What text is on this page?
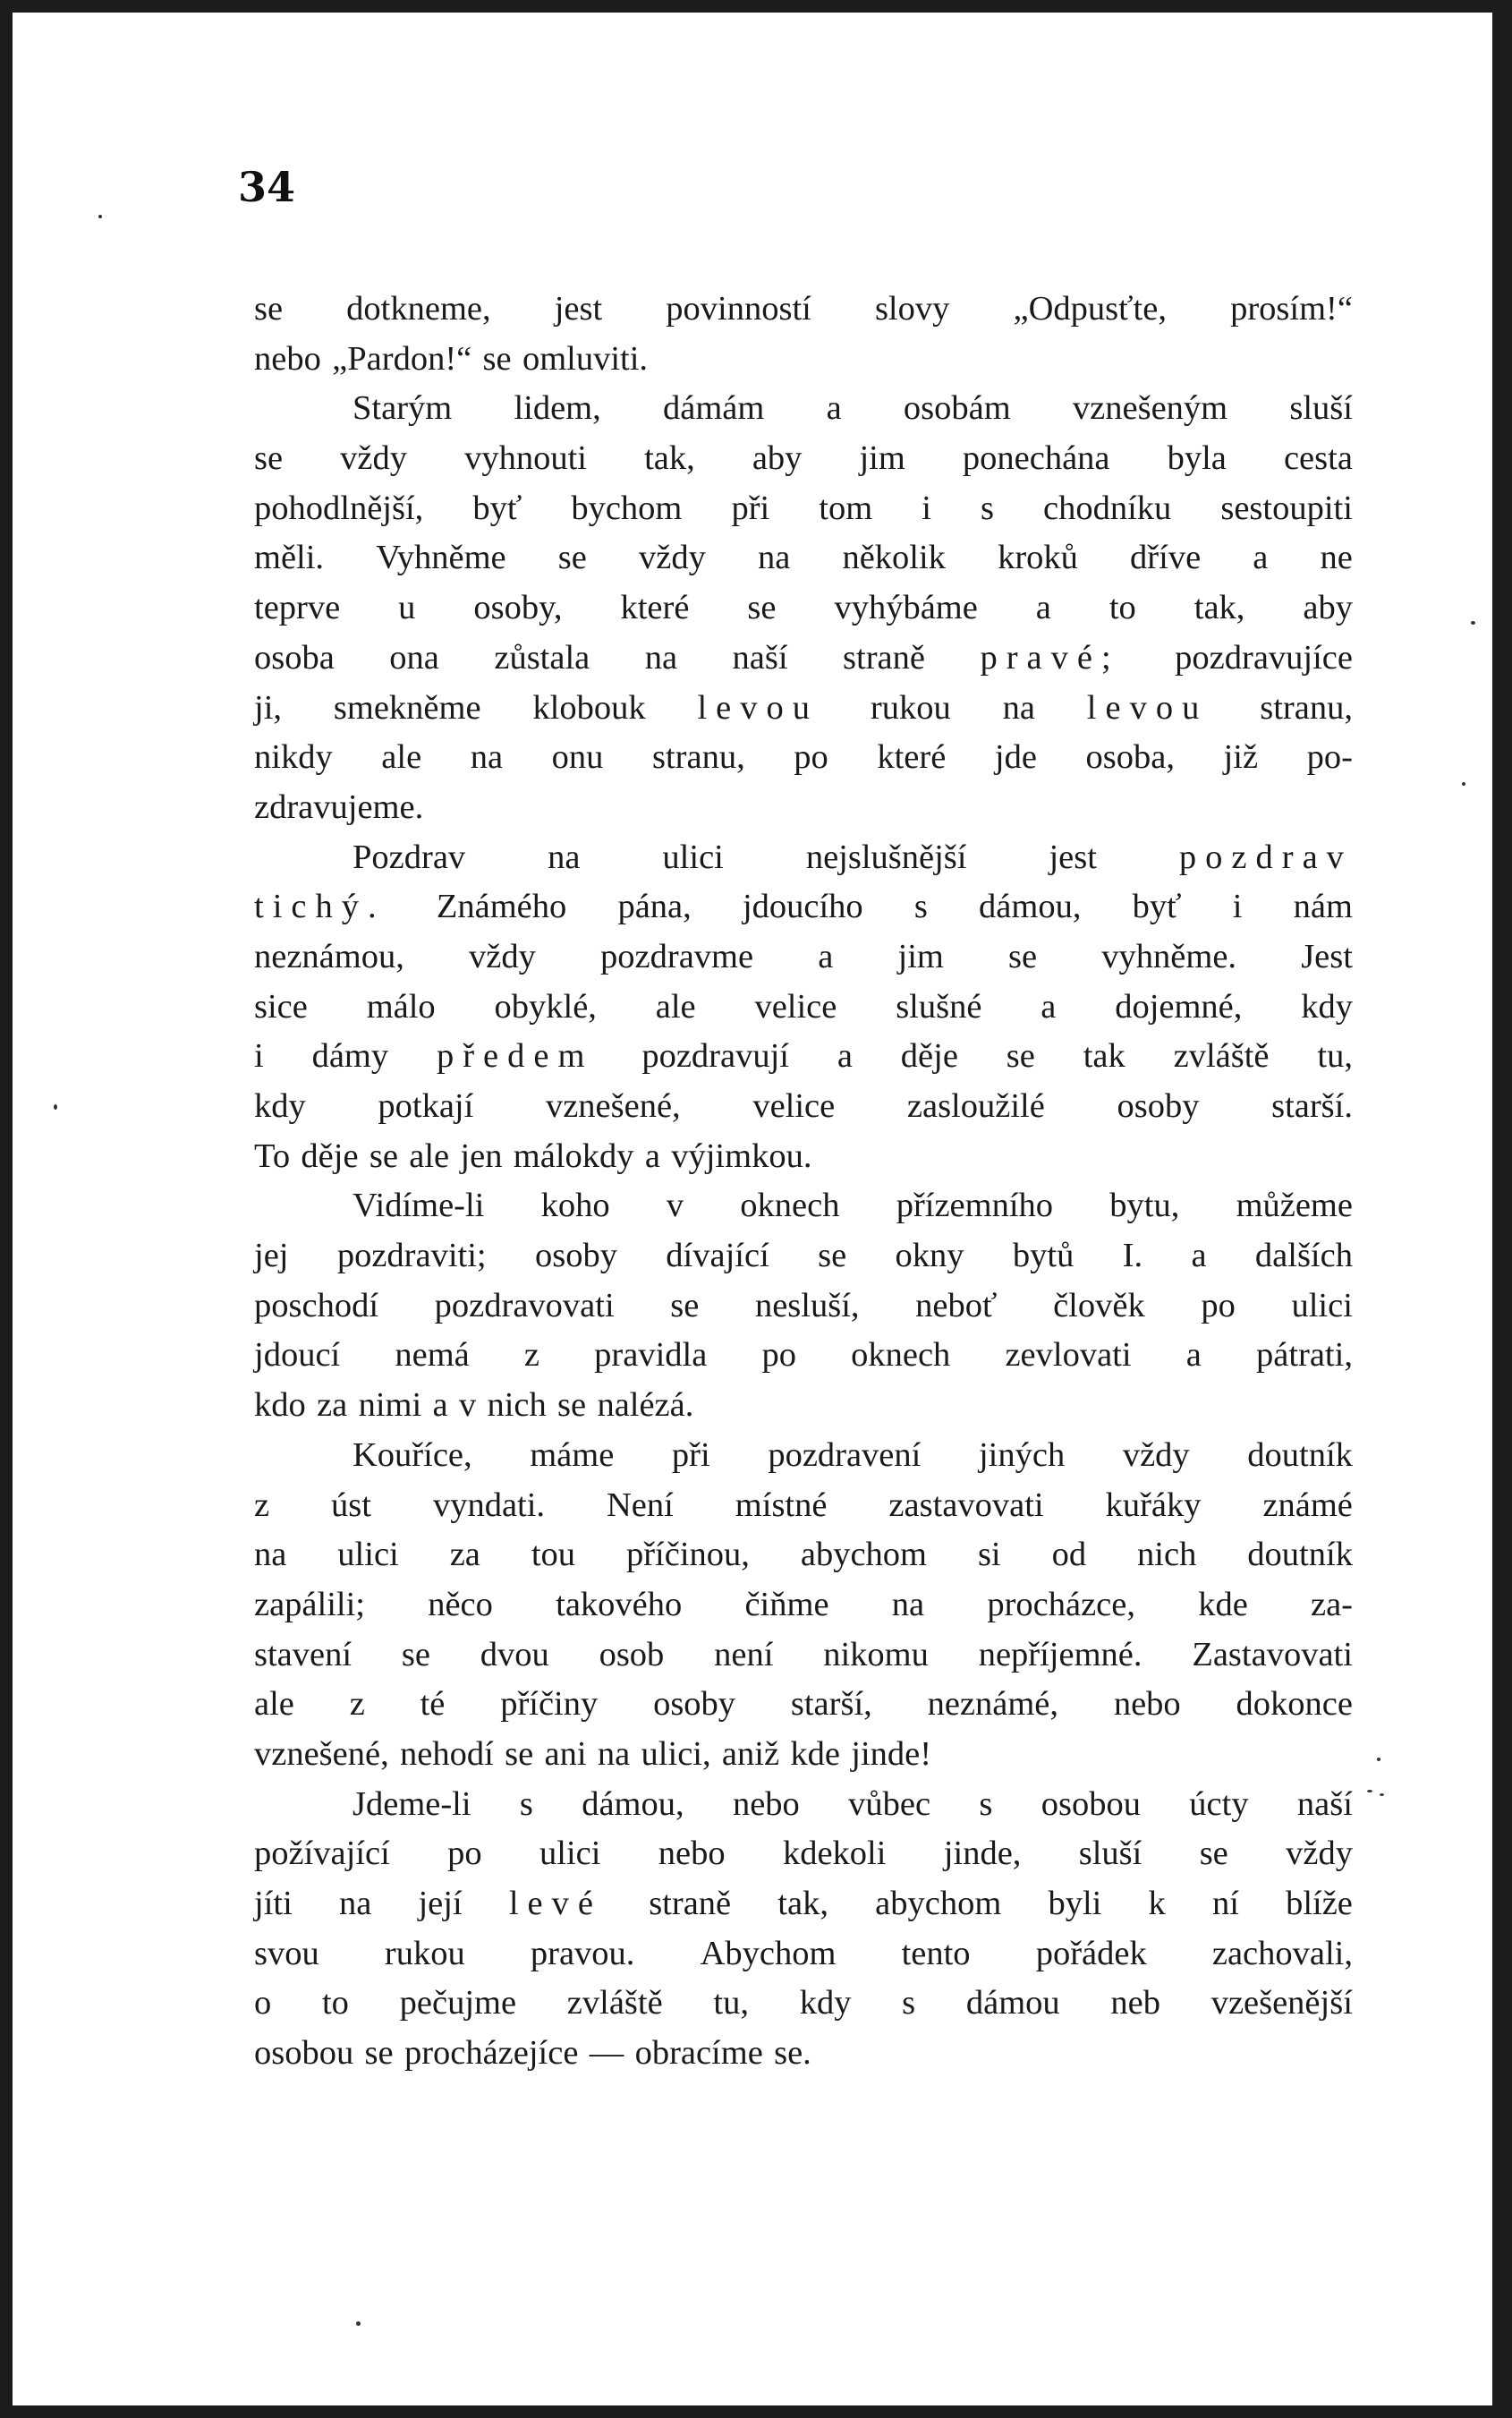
34
se dotkneme, jest povinností slovy „Odpusťte, prosím!“
nebo „Pardon!“ se omluviti.
Starým lidem, dámám a osobám vznešeným sluší
se vždy vyhnouti tak, aby jim ponechána byla cesta
pohodlnější, byť bychom při tom i s chodníku sestoupiti
měli. Vyhněme se vždy na několik kroků dříve a ne
teprve u osoby, které se vyhýbáme a to tak, aby
osoba ona zůstala na naší straně pravé; pozdravujíce
ji, smekněme klobouk levou rukou na levou stranu,
nikdy ale na onu stranu, po které jde osoba, již po-
zdravujeme.
Pozdrav na ulici nejslušnější jest pozdrav
tichý. Známého pána, jdoucího s dámou, byť i nám
neznámou, vždy pozdravme a jim se vyhněme. Jest
sice málo obyklé, ale velice slušné a dojemné, kdy
i dámy předem pozdravují a děje se tak zvláště tu,
kdy potkají vznešené, velice zasloužilé osoby starší.
To děje se ale jen málokdy a výjimkou.
Vidíme-li koho v oknech přízemního bytu, můžeme
jej pozdraviti; osoby dívající se okny bytů I. a dalších
poschodí pozdravovati se nesluší, neboť člověk po ulici
jdoucí nemá z pravidla po oknech zevlovati a pátrati,
kdo za nimi a v nich se nalézá.
Kouříce, máme při pozdravení jiných vždy doutník
z úst vyndati. Není místné zastavovati kuřáky známé
na ulici za tou příčinou, abychom si od nich doutník
zapálili; něco takového čiňme na procházce, kde za-
stavení se dvou osob není nikomu nepříjemné. Zastavovati
ale z té příčiny osoby starší, neznámé, nebo dokonce
vznešené, nehodí se ani na ulici, aniž kde jinde!
Jdeme-li s dámou, nebo vůbec s osobou úcty naší
požívající po ulici nebo kdekoli jinde, sluší se vždy
jíti na její levé straně tak, abychom byli k ní blíže
svou rukou pravou. Abychom tento pořádek zachovali,
o to pečujme zvláště tu, kdy s dámou neb vzešenější
osobou se procházejíce — obracíme se.
